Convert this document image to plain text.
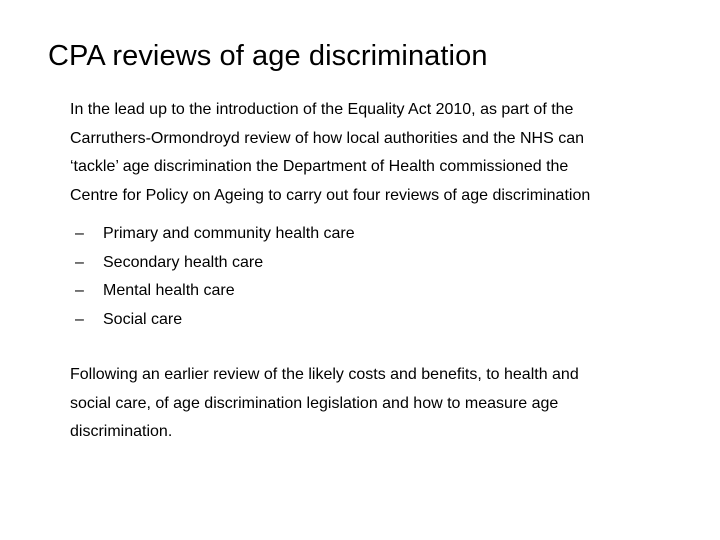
CPA reviews of age discrimination

In the lead up to the introduction of the Equality Act 2010, as part of the
Carruthers-Ormondroyd review of how local authorities and the NHS can
‘tackle’ age discrimination the Department of Health commissioned the
Centre for Policy on Ageing to carry out four reviews of age discrimination

– Primary and community health care
– Secondary health care
– Mental health care
– Social care

Following an earlier review of the likely costs and benefits, to health and
social care, of age discrimination legislation and how to measure age
discrimination.
